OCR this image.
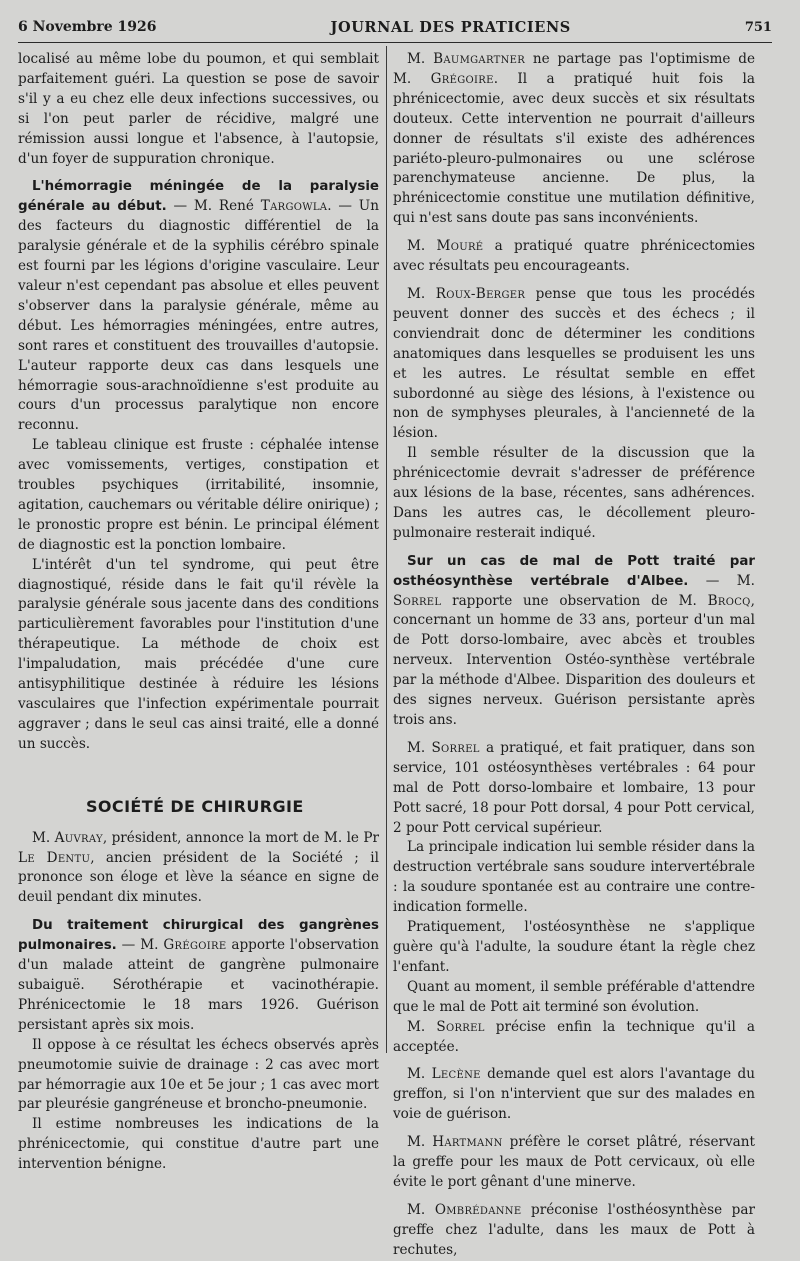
6 Novembre 1926	JOURNAL DES PRATICIENS	751

localisé au même lobe du poumon, et qui semblait parfaitement guéri. La question se pose de savoir s'il y a eu chez elle deux infections successives, ou si l'on peut parler de récidive, malgré une rémission aussi longue et l'absence, à l'autopsie, d'un foyer de suppuration chronique.

L'hémorragie méningée de la paralysie générale au début. — M. René Targowla. — Un des facteurs du diagnostic différentiel de la paralysie générale et de la syphilis cérébro spinale est fourni par les légions d'origine vasculaire. Leur valeur n'est cependant pas absolue et elles peuvent s'observer dans la paralysie générale, même au début. Les hémorragies méningées, entre autres, sont rares et constituent des trouvailles d'autopsie. L'auteur rapporte deux cas dans lesquels une hémorragie sous-arachnoïdienne s'est produite au cours d'un processus paralytique non encore reconnu.

Le tableau clinique est fruste : céphalée intense avec vomissements, vertiges, constipation et troubles psychiques (irritabilité, insomnie, agitation, cauchemars ou véritable délire onirique) ; le pronostic propre est bénin. Le principal élément de diagnostic est la ponction lombaire.

L'intérêt d'un tel syndrome, qui peut être diagnostiqué, réside dans le fait qu'il révèle la paralysie générale sous jacente dans des conditions particulièrement favorables pour l'institution d'une thérapeutique. La méthode de choix est l'impaludation, mais précédée d'une cure antisyphilitique destinée à réduire les lésions vasculaires que l'infection expérimentale pourrait aggraver ; dans le seul cas ainsi traité, elle a donné un succès.

SOCIÉTÉ DE CHIRURGIE

M. Auvray, président, annonce la mort de M. le Pr Le Dentu, ancien président de la Société ; il prononce son éloge et lève la séance en signe de deuil pendant dix minutes.

Du traitement chirurgical des gangrènes pulmonaires. — M. Grégoire apporte l'observation d'un malade atteint de gangrène pulmonaire subaiguë. Sérothérapie et vacinothérapie. Phrénicectomie le 18 mars 1926. Guérison persistant après six mois.

Il oppose à ce résultat les échecs observés après pneumotomie suivie de drainage : 2 cas avec mort par hémorragie aux 10e et 5e jour ; 1 cas avec mort par pleurésie gangréneuse et broncho-pneumonie.

Il estime nombreuses les indications de la phrénicectomie, qui constitue d'autre part une intervention bénigne.

M. Baumgartner ne partage pas l'optimisme de M. Grégoire. Il a pratiqué huit fois la phrénicectomie, avec deux succès et six résultats douteux. Cette intervention ne pourrait d'ailleurs donner de résultats s'il existe des adhérences pariéto-pleuro-pulmonaires ou une sclérose parenchymateuse ancienne. De plus, la phrénicectomie constitue une mutilation définitive, qui n'est sans doute pas sans inconvénients.

M. Mouré a pratiqué quatre phrénicectomies avec résultats peu encourageants.

M. Roux-Berger pense que tous les procédés peuvent donner des succès et des échecs ; il conviendrait donc de déterminer les conditions anatomiques dans lesquelles se produisent les uns et les autres. Le résultat semble en effet subordonné au siège des lésions, à l'existence ou non de symphyses pleurales, à l'ancienneté de la lésion.

Il semble résulter de la discussion que la phrénicectomie devrait s'adresser de préférence aux lésions de la base, récentes, sans adhérences. Dans les autres cas, le décollement pleuro-pulmonaire resterait indiqué.

Sur un cas de mal de Pott traité par osthéosynthèse vertébrale d'Albee. — M. Sorrel rapporte une observation de M. Brocq, concernant un homme de 33 ans, porteur d'un mal de Pott dorso-lombaire, avec abcès et troubles nerveux. Intervention Ostéo-synthèse vertébrale par la méthode d'Albee. Disparition des douleurs et des signes nerveux. Guérison persistante après trois ans.

M. Sorrel a pratiqué, et fait pratiquer, dans son service, 101 ostéosynthèses vertébrales : 64 pour mal de Pott dorso-lombaire et lombaire, 13 pour Pott sacré, 18 pour Pott dorsal, 4 pour Pott cervical, 2 pour Pott cervical supérieur.

La principale indication lui semble résider dans la destruction vertébrale sans soudure intervertébrale : la soudure spontanée est au contraire une contre-indication formelle.

Pratiquement, l'ostéosynthèse ne s'applique guère qu'à l'adulte, la soudure étant la règle chez l'enfant.

Quant au moment, il semble préférable d'attendre que le mal de Pott ait terminé son évolution.

M. Sorrel précise enfin la technique qu'il a acceptée.

M. Lecène demande quel est alors l'avantage du greffon, si l'on n'intervient que sur des malades en voie de guérison.

M. Hartmann préfère le corset plâtré, réservant la greffe pour les maux de Pott cervicaux, où elle évite le port gênant d'une minerve.

M. Ombrédanne préconise l'osthéosynthèse par greffe chez l'adulte, dans les maux de Pott à rechutes,
